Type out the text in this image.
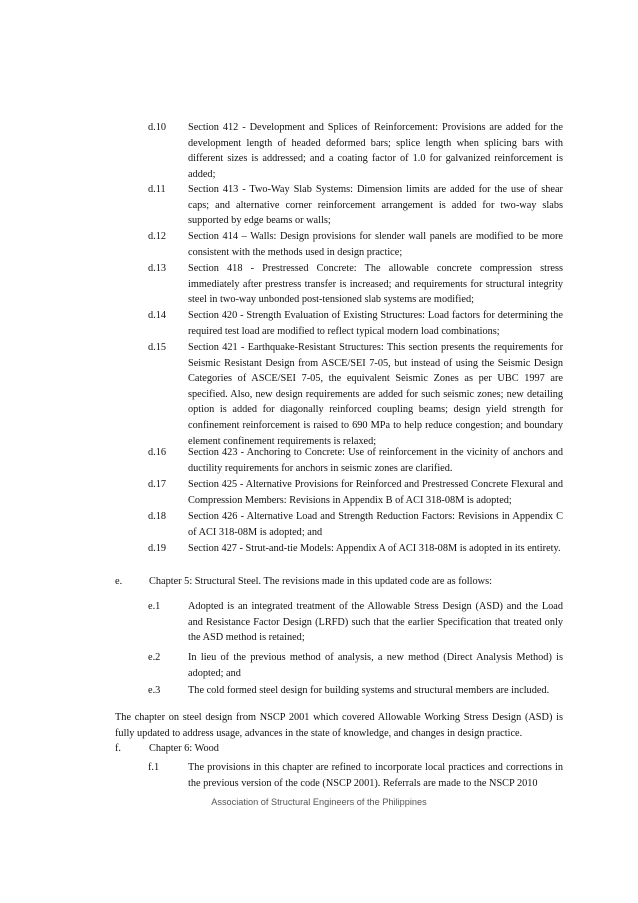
d.10 Section 412 - Development and Splices of Reinforcement: Provisions are added for the development length of headed deformed bars; splice length when splicing bars with different sizes is addressed; and a coating factor of 1.0 for galvanized reinforcement is added;
d.11 Section 413 - Two-Way Slab Systems: Dimension limits are added for the use of shear caps; and alternative corner reinforcement arrangement is added for two-way slabs supported by edge beams or walls;
d.12 Section 414 – Walls: Design provisions for slender wall panels are modified to be more consistent with the methods used in design practice;
d.13 Section 418 - Prestressed Concrete: The allowable concrete compression stress immediately after prestress transfer is increased; and requirements for structural integrity steel in two-way unbonded post-tensioned slab systems are modified;
d.14 Section 420 - Strength Evaluation of Existing Structures: Load factors for determining the required test load are modified to reflect typical modern load combinations;
d.15 Section 421 - Earthquake-Resistant Structures: This section presents the requirements for Seismic Resistant Design from ASCE/SEI 7-05, but instead of using the Seismic Design Categories of ASCE/SEI 7-05, the equivalent Seismic Zones as per UBC 1997 are specified. Also, new design requirements are added for such seismic zones; new detailing option is added for diagonally reinforced coupling beams; design yield strength for confinement reinforcement is raised to 690 MPa to help reduce congestion; and boundary element confinement requirements is relaxed;
d.16 Section 423 - Anchoring to Concrete: Use of reinforcement in the vicinity of anchors and ductility requirements for anchors in seismic zones are clarified.
d.17 Section 425 - Alternative Provisions for Reinforced and Prestressed Concrete Flexural and Compression Members: Revisions in Appendix B of ACI 318-08M is adopted;
d.18 Section 426 - Alternative Load and Strength Reduction Factors: Revisions in Appendix C of ACI 318-08M is adopted; and
d.19 Section 427 - Strut-and-tie Models: Appendix A of ACI 318-08M is adopted in its entirety.
e.	Chapter 5: Structural Steel. The revisions made in this updated code are as follows:
e.1	Adopted is an integrated treatment of the Allowable Stress Design (ASD) and the Load and Resistance Factor Design (LRFD) such that the earlier Specification that treated only the ASD method is retained;
e.2	In lieu of the previous method of analysis, a new method (Direct Analysis Method) is adopted; and
e.3	The cold formed steel design for building systems and structural members are included.
The chapter on steel design from NSCP 2001 which covered Allowable Working Stress Design (ASD) is fully updated to address usage, advances in the state of knowledge, and changes in design practice.
f.	Chapter 6: Wood
f.1	The provisions in this chapter are refined to incorporate local practices and corrections in the previous version of the code (NSCP 2001). Referrals are made to the NSCP 2010
Association of Structural Engineers of the Philippines
